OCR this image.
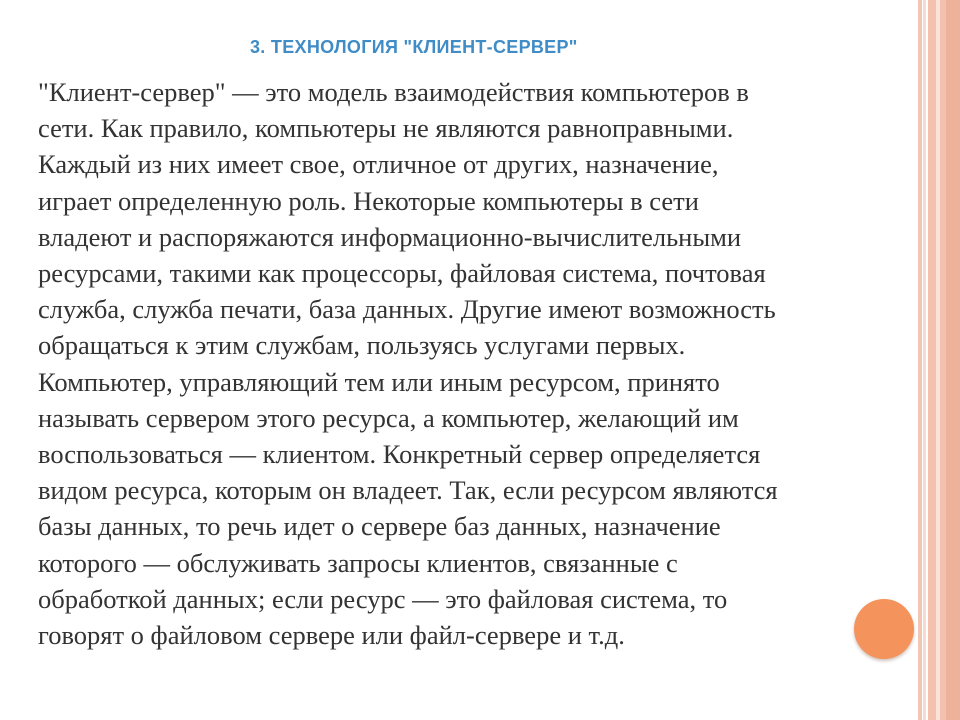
3. ТЕХНОЛОГИЯ "КЛИЕНТ-СЕРВЕР"
"Клиент-сервер" — это модель взаимодействия компьютеров в
сети. Как правило, компьютеры не являются равноправными.
Каждый из них имеет свое, отличное от других, назначение,
играет определенную роль. Некоторые компьютеры в сети
владеют и распоряжаются информационно-вычислительными
ресурсами, такими как процессоры, файловая система, почтовая
служба, служба печати, база данных. Другие имеют возможность
обращаться к этим службам, пользуясь услугами первых.
Компьютер, управляющий тем или иным ресурсом, принято
называть сервером этого ресурса, а компьютер, желающий им
воспользоваться — клиентом. Конкретный сервер определяется
видом ресурса, которым он владеет. Так, если ресурсом являются
базы данных, то речь идет о сервере баз данных, назначение
которого — обслуживать запросы клиентов, связанные с
обработкой данных; если ресурс — это файловая система, то
говорят о файловом сервере или файл-сервере и т.д.
